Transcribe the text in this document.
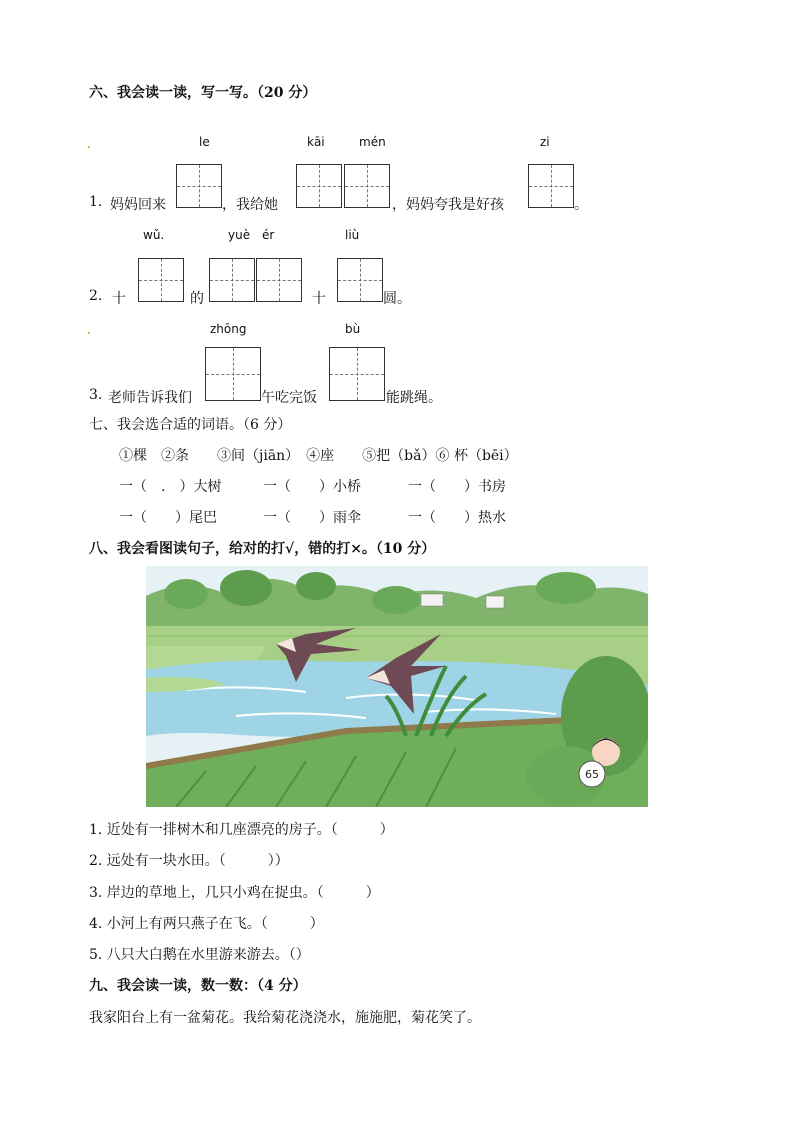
六、我会读一读，写一写。（20 分）
le	kāi	mén	zi
1. 妈妈回来	，我给她	，妈妈夸我是好孩	。
wǔ.	yuè ér	liù
2. 十	的	十	圆。
zhōng	bù
3. 老师告诉我们	午吃完饭	能跳绳。
七、我会选合适的词语。（6 分）
①棵　②条　　③间（jiān）　④座　　⑤把（bǎ）⑥ 杯（bēi）
一（　.　）大树	一（　　）小桥	一（　　）书房
一（　　）尾巴	一（　　）雨伞	一（　　）热水
八、我会看图读句子，给对的打√，错的打×。（10 分）
65
1. 近处有一排树木和几座漂亮的房子。（　　　）
2. 远处有一块水田。（　　　））
3. 岸边的草地上，几只小鸡在捉虫。（　　　）
4. 小河上有两只燕子在飞。（　　　）
5. 八只大白鹅在水里游来游去。（）
九、我会读一读，数一数：（4 分）
我家阳台上有一盆菊花。我给菊花浇浇水，施施肥，菊花笑了。
